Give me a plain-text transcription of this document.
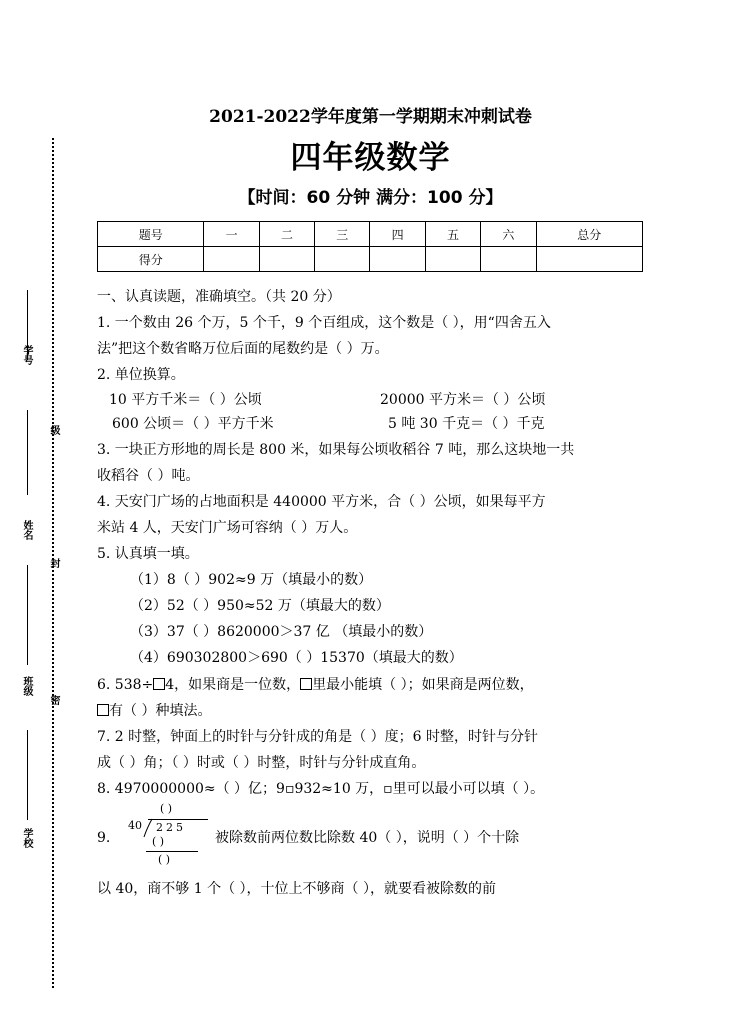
学号
级
姓名
封
班级
密
学校
2021-2022学年度第一学期期末冲刺试卷
四年级数学
【时间：60 分钟 满分：100 分】
题号	一	二	三	四	五	六	总分
得分							
一、认真读题，准确填空。（共 20 分）
1. 一个数由 26 个万，5 个千，9 个百组成，这个数是（ ），用“四舍五入
法”把这个数省略万位后面的尾数约是（ ）万。
2. 单位换算。
10 平方千米＝（ ）公顷	20000 平方米＝（ ）公顷
600 公顷＝（ ）平方千米	5 吨 30 千克＝（ ）千克
3. 一块正方形地的周长是 800 米，如果每公顷收稻谷 7 吨，那么这块地一共
收稻谷（ ）吨。
4. 天安门广场的占地面积是 440000 平方米，合（ ）公顷，如果每平方
米站 4 人，天安门广场可容纳（ ）万人。
5. 认真填一填。
（1）8（ ）902≈9 万（填最小的数）
（2）52（ ）950≈52 万（填最大的数）
（3）37（ ）8620000＞37 亿 （填最小的数）
（4）690302800＞690（ ）15370（填最大的数）
6. 538÷ 4，如果商是一位数， 里最小能填（ ）；如果商是两位数，
有（ ）种填法。
7. 2 时整，钟面上的时针与分针成的角是（ ）度；6 时整，时针与分针
成（ ）角；（ ）时或（ ）时整，时针与分针成直角。
8. 4970000000≈（ ）亿；9▫932≈10 万，▫里可以最小可以填（ ）。
9.
( )
40 225
( )
( )
被除数前两位数比除数 40（ ），说明（ ）个十除
以 40，商不够 1 个（ ），十位上不够商（ ），就要看被除数的前
